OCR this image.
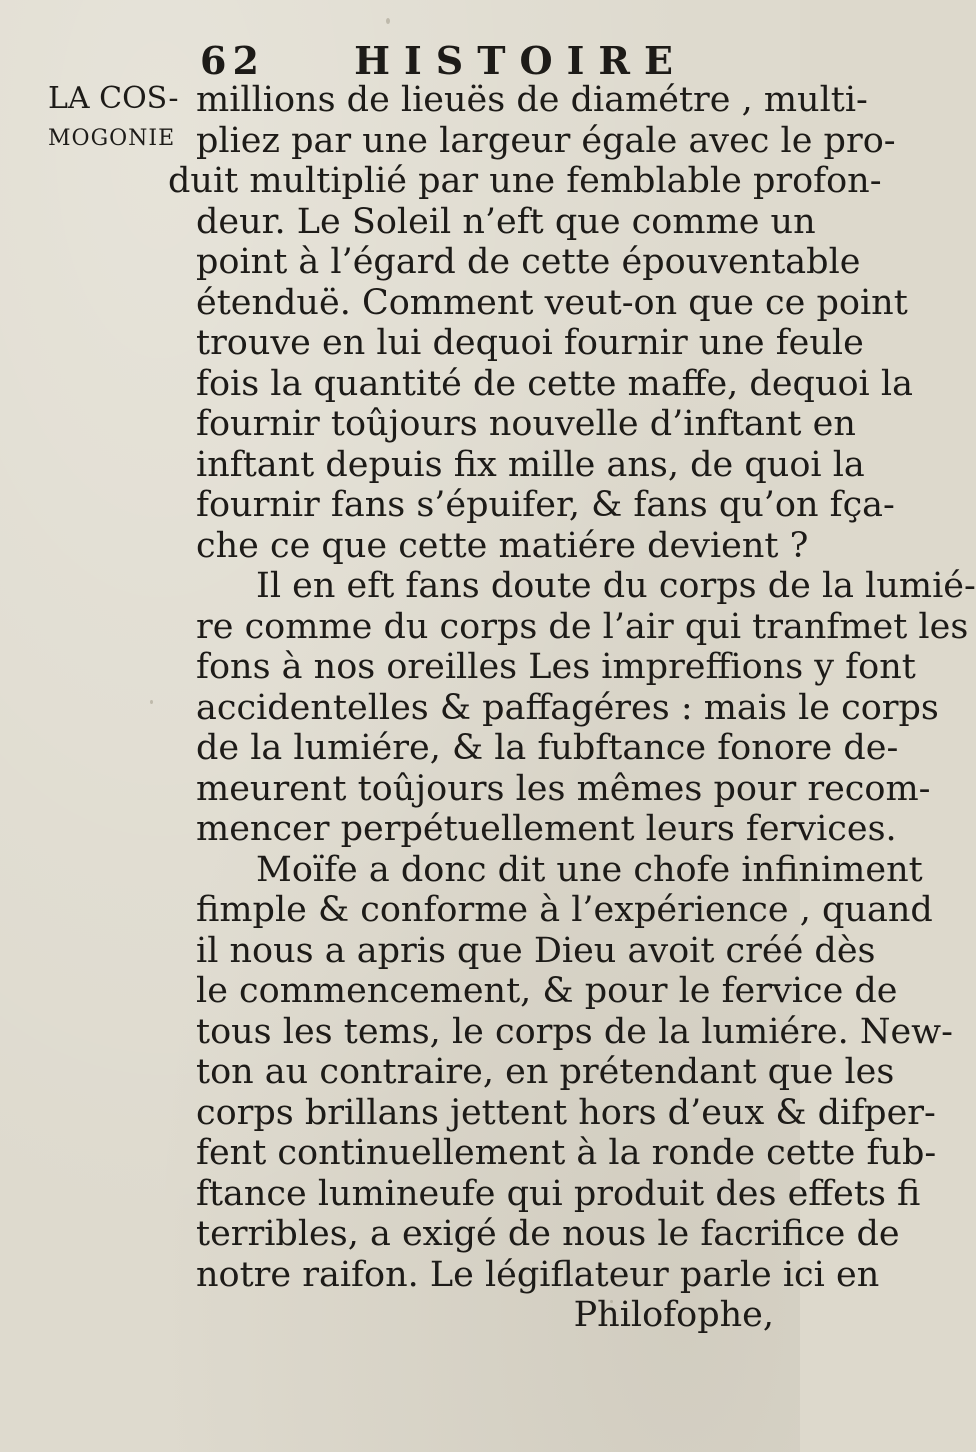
62 HISTOIRE
LA COS-
MOGONIE
millions de lieuës de diamétre , multi-
pliez par une largeur égale avec le pro-
duit multiplié par une femblable profon-
deur. Le Soleil n’eft que comme un
point à l’égard de cette épouventable
étenduë. Comment veut-on que ce point
trouve en lui dequoi fournir une feule
fois la quantité de cette maffe, dequoi la
fournir toûjours nouvelle d’inftant en
inftant depuis fix mille ans, de quoi la
fournir fans s’épuifer, & fans qu’on fça-
che ce que cette matiére devient ?
Il en eft fans doute du corps de la lumié-
re comme du corps de l’air qui tranfmet les
fons à nos oreilles Les impreffions y font
accidentelles & paffagéres : mais le corps
de la lumiére, & la fubftance fonore de-
meurent toûjours les mêmes pour recom-
mencer perpétuellement leurs fervices.
Moïfe a donc dit une chofe infiniment
fimple & conforme à l’expérience , quand
il nous a apris que Dieu avoit créé dès
le commencement, & pour le fervice de
tous les tems, le corps de la lumiére. New-
ton au contraire, en prétendant que les
corps brillans jettent hors d’eux & difper-
fent continuellement à la ronde cette fub-
ftance lumineufe qui produit des effets fi
terribles, a exigé de nous le facrifice de
notre raifon. Le légiflateur parle ici en
Philofophe,
